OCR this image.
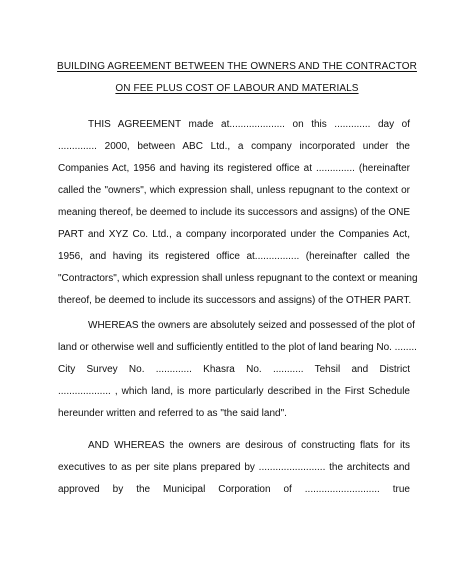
BUILDING AGREEMENT BETWEEN THE OWNERS AND THE CONTRACTOR
ON FEE PLUS COST OF LABOUR AND MATERIALS
THIS AGREEMENT made at.................... on this ............. day of
.............. 2000, between ABC Ltd., a company incorporated under the
Companies Act, 1956 and having its registered office at .............. (hereinafter
called the "owners", which expression shall, unless repugnant to the context or
meaning thereof, be deemed to include its successors and assigns) of the ONE
PART and XYZ Co. Ltd., a company incorporated under the Companies Act,
1956, and having its registered office at................ (hereinafter called the
"Contractors", which expression shall unless repugnant to the context or meaning
thereof, be deemed to include its successors and assigns) of the OTHER PART.
WHEREAS the owners are absolutely seized and possessed of the plot of
land or otherwise well and sufficiently entitled to the plot of land bearing No. ........
City Survey No. ............. Khasra No. ........... Tehsil and District
................... , which land, is more particularly described in the First Schedule
hereunder written and referred to as "the said land".
AND WHEREAS the owners are desirous of constructing flats for its
executives to as per site plans prepared by ........................ the architects and
approved by the Municipal Corporation of ........................... true
